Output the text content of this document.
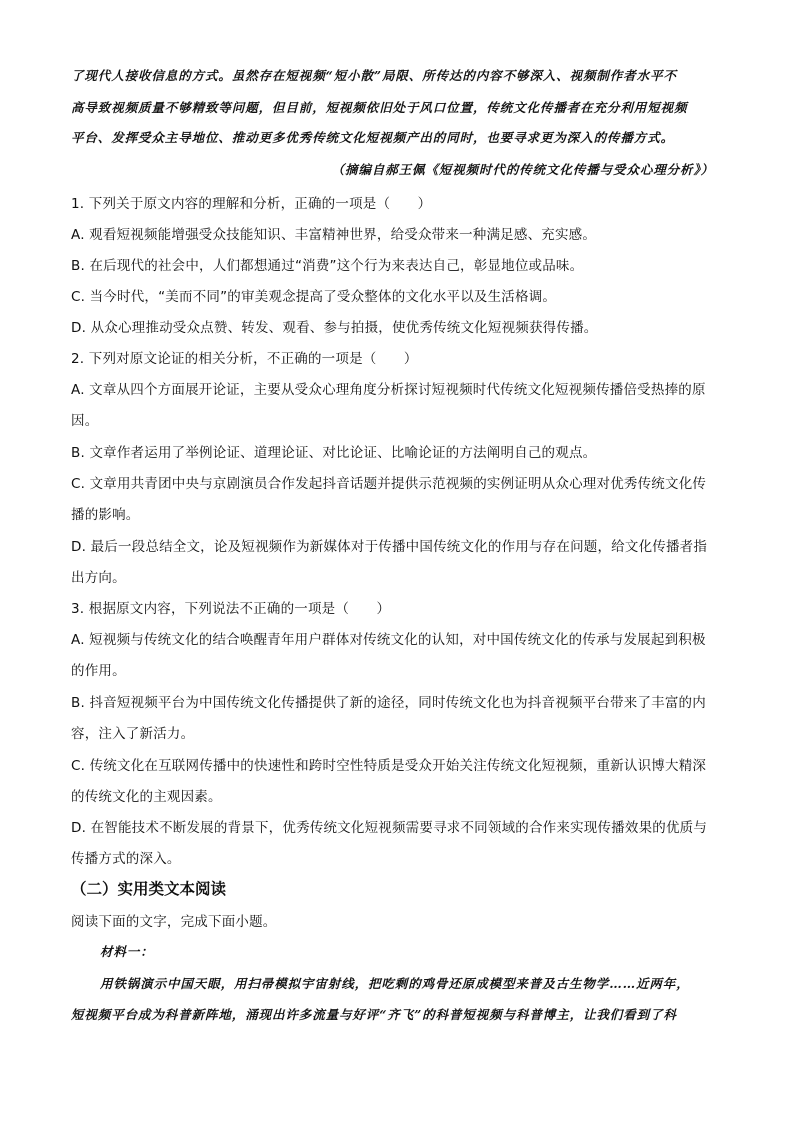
了现代人接收信息的方式。虽然存在短视频“短小散”局限、所传达的内容不够深入、视频制作者水平不
高导致视频质量不够精致等问题，但目前，短视频依旧处于风口位置，传统文化传播者在充分利用短视频
平台、发挥受众主导地位、推动更多优秀传统文化短视频产出的同时，也要寻求更为深入的传播方式。
（摘编自郝王佩《短视频时代的传统文化传播与受众心理分析》）
1. 下列关于原文内容的理解和分析，正确的一项是（　　）
A. 观看短视频能增强受众技能知识、丰富精神世界，给受众带来一种满足感、充实感。
B. 在后现代的社会中，人们都想通过“消费”这个行为来表达自己，彰显地位或品味。
C. 当今时代，“美而不同”的审美观念提高了受众整体的文化水平以及生活格调。
D. 从众心理推动受众点赞、转发、观看、参与拍摄，使优秀传统文化短视频获得传播。
2. 下列对原文论证的相关分析，不正确的一项是（　　）
A. 文章从四个方面展开论证，主要从受众心理角度分析探讨短视频时代传统文化短视频传播倍受热捧的原
因。
B. 文章作者运用了举例论证、道理论证、对比论证、比喻论证的方法阐明自己的观点。
C. 文章用共青团中央与京剧演员合作发起抖音话题并提供示范视频的实例证明从众心理对优秀传统文化传
播的影响。
D. 最后一段总结全文，论及短视频作为新媒体对于传播中国传统文化的作用与存在问题，给文化传播者指
出方向。
3. 根据原文内容，下列说法不正确的一项是（　　）
A. 短视频与传统文化的结合唤醒青年用户群体对传统文化的认知，对中国传统文化的传承与发展起到积极
的作用。
B. 抖音短视频平台为中国传统文化传播提供了新的途径，同时传统文化也为抖音视频平台带来了丰富的内
容，注入了新活力。
C. 传统文化在互联网传播中的快速性和跨时空性特质是受众开始关注传统文化短视频，重新认识博大精深
的传统文化的主观因素。
D. 在智能技术不断发展的背景下，优秀传统文化短视频需要寻求不同领域的合作来实现传播效果的优质与
传播方式的深入。
（二）实用类文本阅读
阅读下面的文字，完成下面小题。
材料一：
用铁锅演示中国天眼，用扫帚模拟宇宙射线，把吃剩的鸡骨还原成模型来普及古生物学……近两年，
短视频平台成为科普新阵地，涌现出许多流量与好评“齐飞”的科普短视频与科普博主，让我们看到了科
